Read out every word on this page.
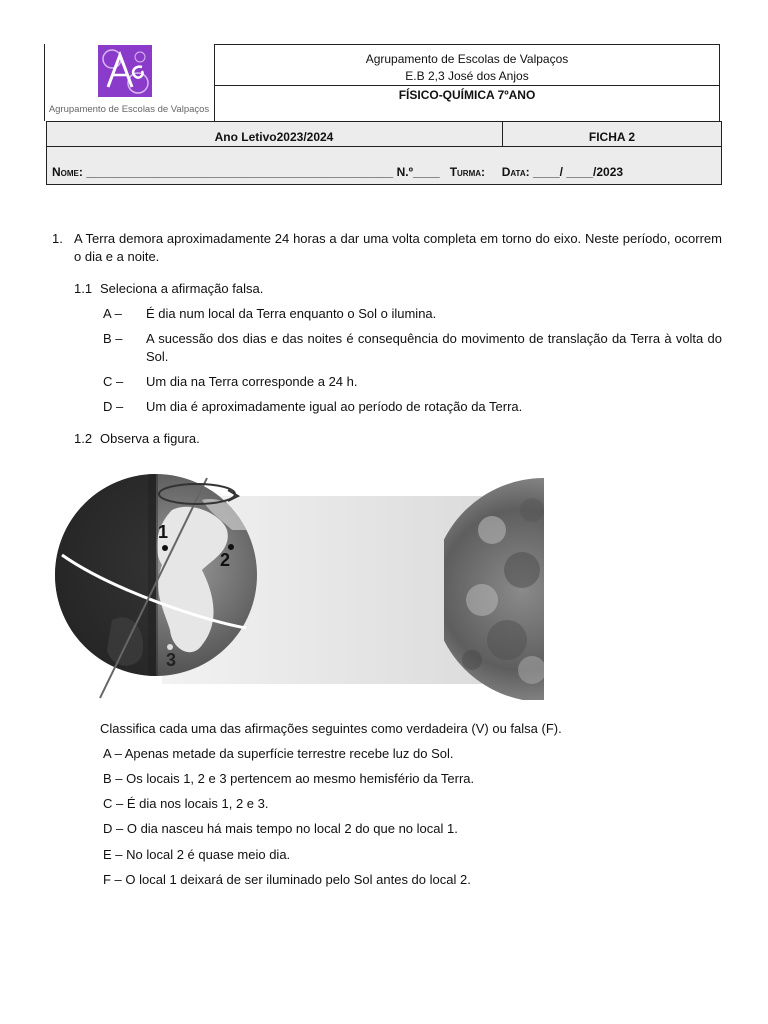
Agrupamento de Escolas de Valpaços
Agrupamento de Escolas de Valpaços
E.B 2,3 José dos Anjos
FÍSICO-QUÍMICA 7ºANO
Ano Letivo2023/2024	FICHA 2
Nome: ______________________________________________ N.º____ Turma: Data: ____/ ____/2023
1. A Terra demora aproximadamente 24 horas a dar uma volta completa em torno do eixo. Neste período, ocorrem o dia e a noite.
1.1 Seleciona a afirmação falsa.
A – É dia num local da Terra enquanto o Sol o ilumina.
B – A sucessão dos dias e das noites é consequência do movimento de translação da Terra à volta do Sol.
C – Um dia na Terra corresponde a 24 h.
D – Um dia é aproximadamente igual ao período de rotação da Terra.
1.2 Observa a figura.
1
2
3
Classifica cada uma das afirmações seguintes como verdadeira (V) ou falsa (F).
A – Apenas metade da superfície terrestre recebe luz do Sol.
B – Os locais 1, 2 e 3 pertencem ao mesmo hemisfério da Terra.
C – É dia nos locais 1, 2 e 3.
D – O dia nasceu há mais tempo no local 2 do que no local 1.
E – No local 2 é quase meio dia.
F – O local 1 deixará de ser iluminado pelo Sol antes do local 2.
